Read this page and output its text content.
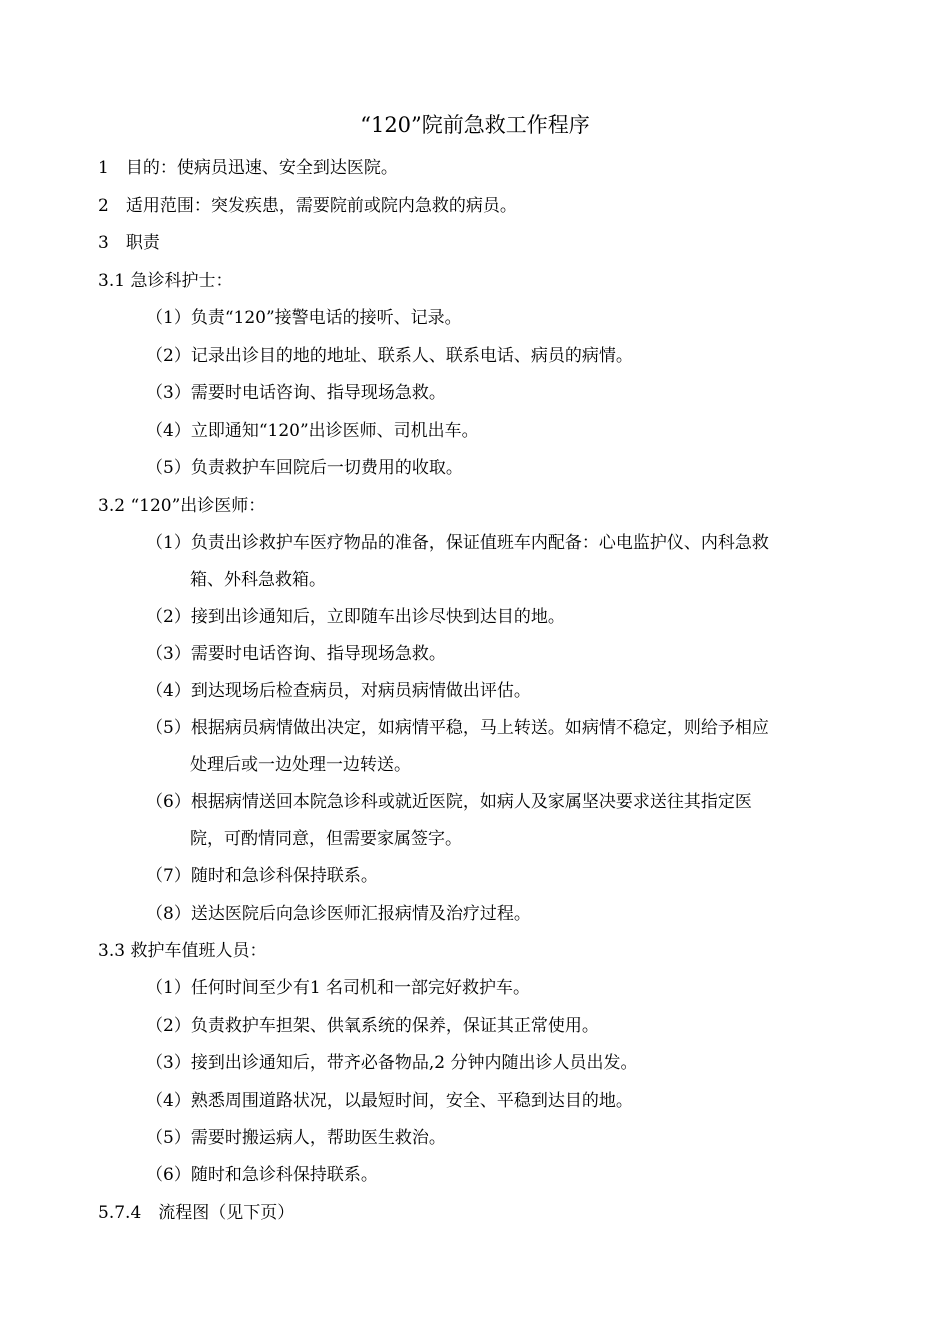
“120”院前急救工作程序
1　目的：使病员迅速、安全到达医院。
2　适用范围：突发疾患，需要院前或院内急救的病员。
3　职责
3.1 急诊科护士：
（1）负责“120”接警电话的接听、记录。
（2）记录出诊目的地的地址、联系人、联系电话、病员的病情。
（3）需要时电话咨询、指导现场急救。
（4）立即通知“120”出诊医师、司机出车。
（5）负责救护车回院后一切费用的收取。
3.2 “120”出诊医师：
（1）负责出诊救护车医疗物品的准备，保证值班车内配备：心电监护仪、内科急救
箱、外科急救箱。
（2）接到出诊通知后，立即随车出诊尽快到达目的地。
（3）需要时电话咨询、指导现场急救。
（4）到达现场后检查病员，对病员病情做出评估。
（5）根据病员病情做出决定，如病情平稳，马上转送。如病情不稳定，则给予相应
处理后或一边处理一边转送。
（6）根据病情送回本院急诊科或就近医院，如病人及家属坚决要求送往其指定医
院，可酌情同意，但需要家属签字。
（7）随时和急诊科保持联系。
（8）送达医院后向急诊医师汇报病情及治疗过程。
3.3 救护车值班人员：
（1）任何时间至少有1 名司机和一部完好救护车。
（2）负责救护车担架、供氧系统的保养，保证其正常使用。
（3）接到出诊通知后，带齐必备物品,2 分钟内随出诊人员出发。
（4）熟悉周围道路状况，以最短时间，安全、平稳到达目的地。
（5）需要时搬运病人，帮助医生救治。
（6）随时和急诊科保持联系。
5.7.4　流程图（见下页）
